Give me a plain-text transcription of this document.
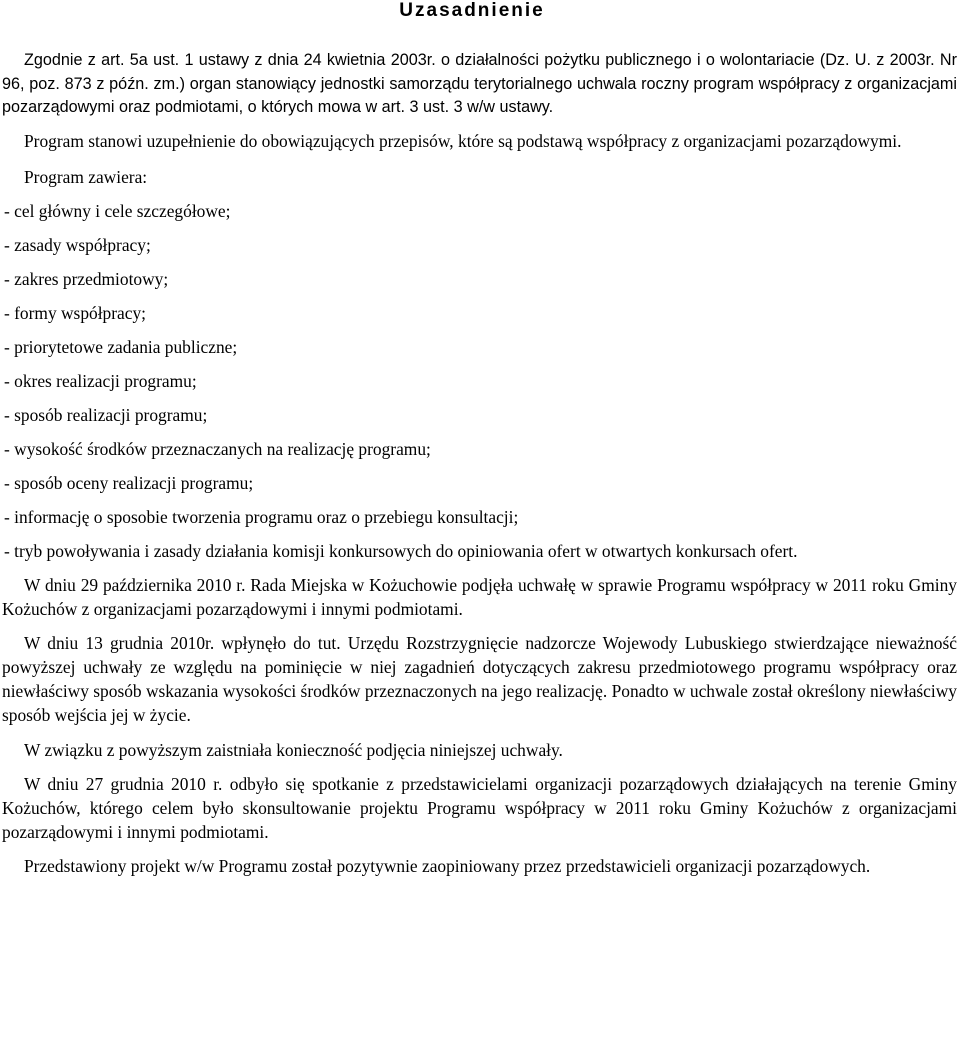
Uzasadnienie

Zgodnie z art. 5a ust. 1 ustawy z dnia 24 kwietnia 2003r. o działalności pożytku publicznego i o wolontariacie (Dz. U. z 2003r. Nr 96, poz. 873 z późn. zm.) organ stanowiący jednostki samorządu terytorialnego uchwala roczny program współpracy z organizacjami pozarządowymi oraz podmiotami, o których mowa w art. 3 ust. 3 w/w ustawy.

Program stanowi uzupełnienie do obowiązujących przepisów, które są podstawą współpracy z organizacjami pozarządowymi.

Program zawiera:

- cel główny i cele szczegółowe;

- zasady współpracy;

- zakres przedmiotowy;

- formy współpracy;

- priorytetowe zadania publiczne;

- okres realizacji programu;

- sposób realizacji programu;

- wysokość środków przeznaczanych na realizację programu;

- sposób oceny realizacji programu;

- informację o sposobie tworzenia programu oraz o przebiegu konsultacji;

- tryb powoływania i zasady działania komisji konkursowych do opiniowania ofert w otwartych konkursach ofert.

W dniu 29 października 2010 r. Rada Miejska w Kożuchowie podjęła uchwałę w sprawie Programu współpracy w 2011 roku Gminy Kożuchów z organizacjami pozarządowymi i innymi podmiotami.

W dniu 13 grudnia 2010r. wpłynęło do tut. Urzędu Rozstrzygnięcie nadzorcze Wojewody Lubuskiego stwierdzające nieważność powyższej uchwały ze względu na pominięcie w niej zagadnień dotyczących zakresu przedmiotowego programu współpracy oraz niewłaściwy sposób wskazania wysokości środków przeznaczonych na jego realizację. Ponadto w uchwale został określony niewłaściwy sposób wejścia jej w życie.

W związku z powyższym zaistniała konieczność podjęcia niniejszej uchwały.

W dniu 27 grudnia 2010 r. odbyło się spotkanie z przedstawicielami organizacji pozarządowych działających na terenie Gminy Kożuchów, którego celem było skonsultowanie projektu Programu współpracy w 2011 roku Gminy Kożuchów z organizacjami pozarządowymi i innymi podmiotami.

Przedstawiony projekt w/w Programu został pozytywnie zaopiniowany przez przedstawicieli organizacji pozarządowych.
